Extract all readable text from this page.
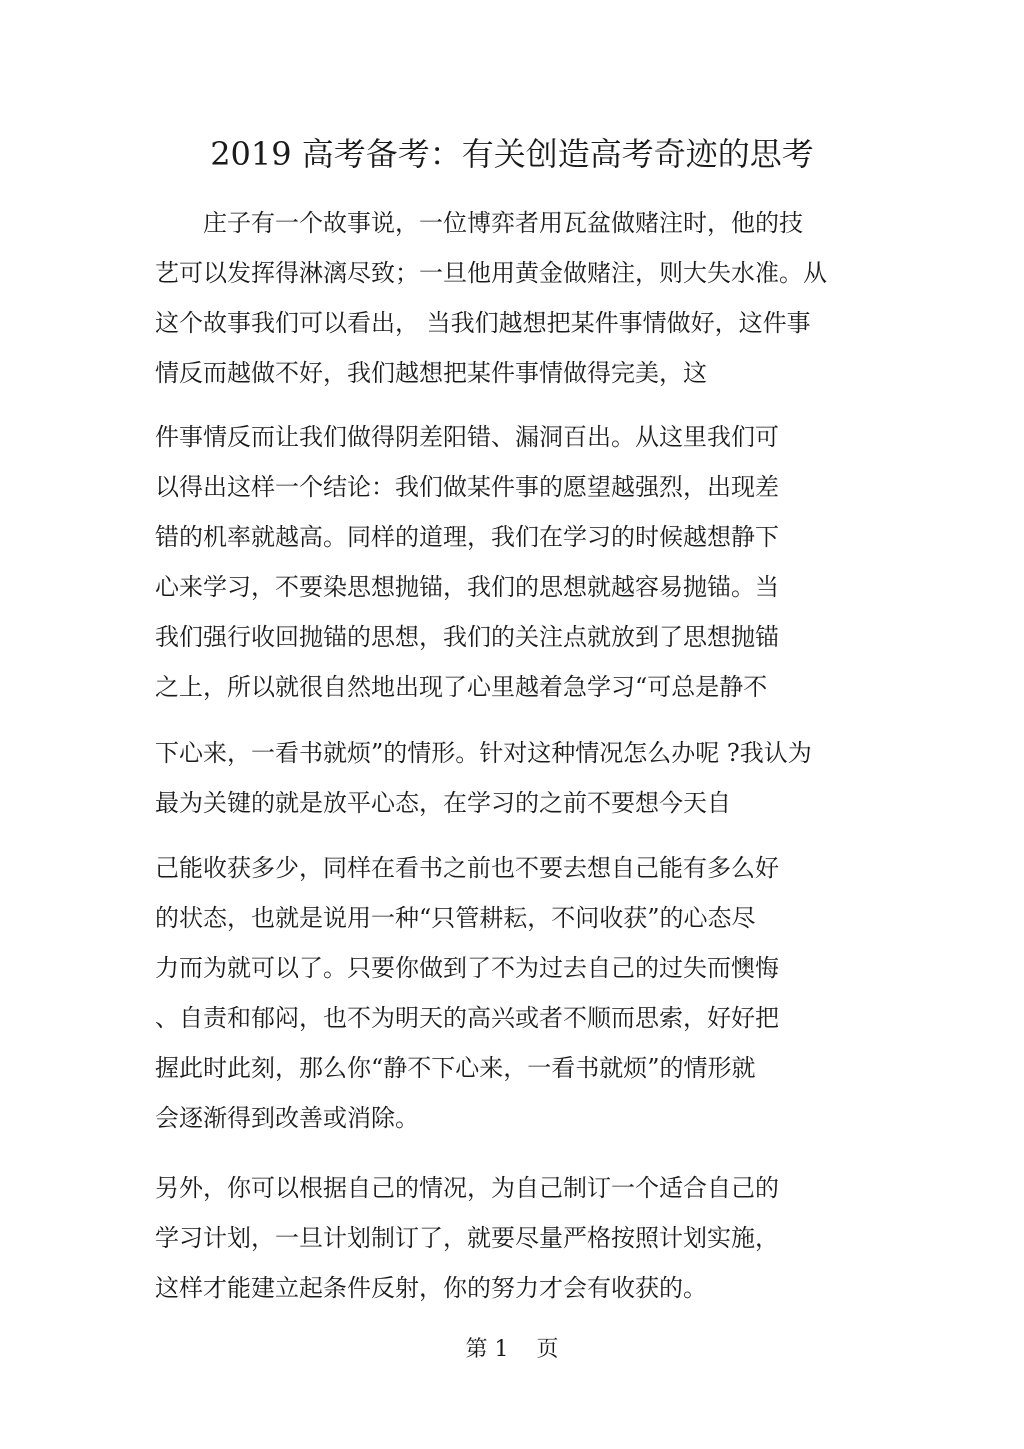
2019 高考备考：有关创造高考奇迹的思考
　　庄子有一个故事说，一位博弈者用瓦盆做赌注时，他的技
艺可以发挥得淋漓尽致；一旦他用黄金做赌注，则大失水准。从
这个故事我们可以看出， 当我们越想把某件事情做好，这件事
情反而越做不好，我们越想把某件事情做得完美，这
件事情反而让我们做得阴差阳错、漏洞百出。从这里我们可
以得出这样一个结论：我们做某件事的愿望越强烈，出现差
错的机率就越高。同样的道理，我们在学习的时候越想静下
心来学习，不要染思想抛锚，我们的思想就越容易抛锚。当
我们强行收回抛锚的思想，我们的关注点就放到了思想抛锚
之上，所以就很自然地出现了心里越着急学习“可总是静不
下心来，一看书就烦”的情形。针对这种情况怎么办呢 ?我认为
最为关键的就是放平心态，在学习的之前不要想今天自
己能收获多少，同样在看书之前也不要去想自己能有多么好
的状态，也就是说用一种“只管耕耘，不问收获”的心态尽
力而为就可以了。只要你做到了不为过去自己的过失而懊悔
、自责和郁闷，也不为明天的高兴或者不顺而思索，好好把
握此时此刻，那么你“静不下心来，一看书就烦”的情形就
会逐渐得到改善或消除。
另外，你可以根据自己的情况，为自己制订一个适合自己的
学习计划，一旦计划制订了，就要尽量严格按照计划实施，
这样才能建立起条件反射，你的努力才会有收获的。
第 1    页
